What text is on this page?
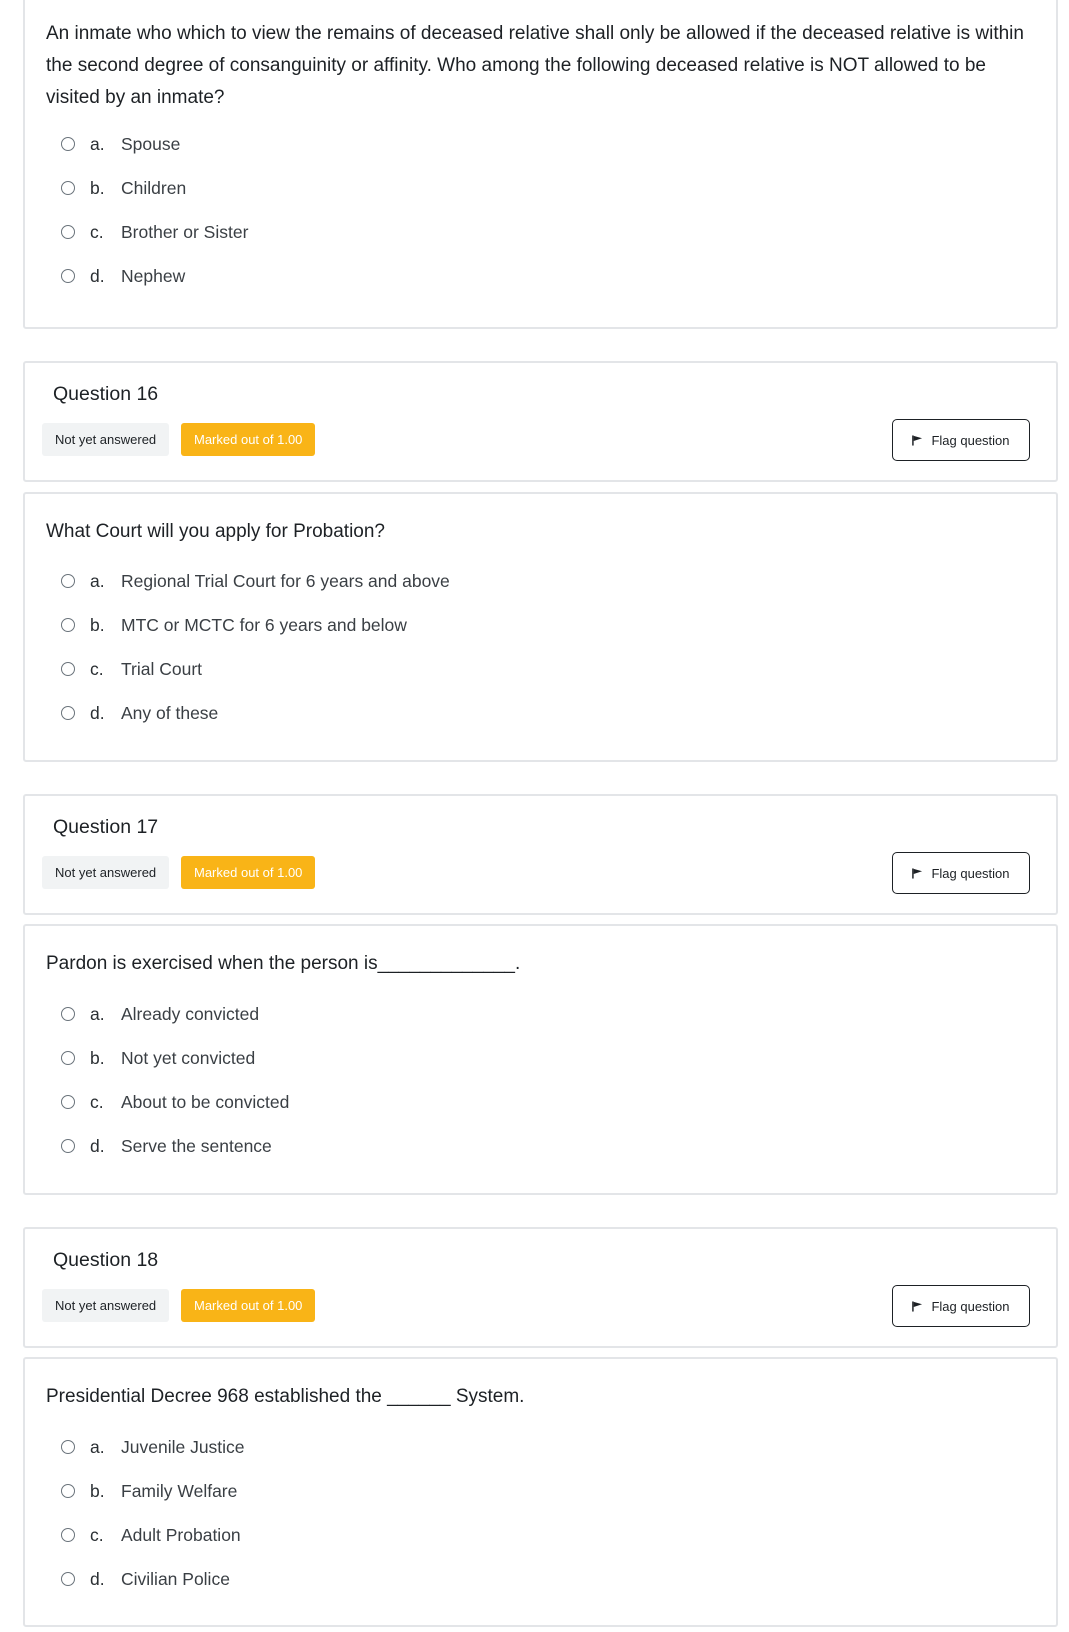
An inmate who which to view the remains of deceased relative shall only be allowed if the deceased relative is within the second degree of consanguinity or affinity. Who among the following deceased relative is NOT allowed to be visited by an inmate?

a. Spouse
b. Children
c. Brother or Sister
d. Nephew
Question 16
Not yet answered	Marked out of 1.00	Flag question

What Court will you apply for Probation?

a. Regional Trial Court for 6 years and above
b. MTC or MCTC for 6 years and below
c. Trial Court
d. Any of these
Question 17
Not yet answered	Marked out of 1.00	Flag question

Pardon is exercised when the person is_____________.

a. Already convicted
b. Not yet convicted
c. About to be convicted
d. Serve the sentence
Question 18
Not yet answered	Marked out of 1.00	Flag question

Presidential Decree 968 established the ______ System.

a. Juvenile Justice
b. Family Welfare
c. Adult Probation
d. Civilian Police
